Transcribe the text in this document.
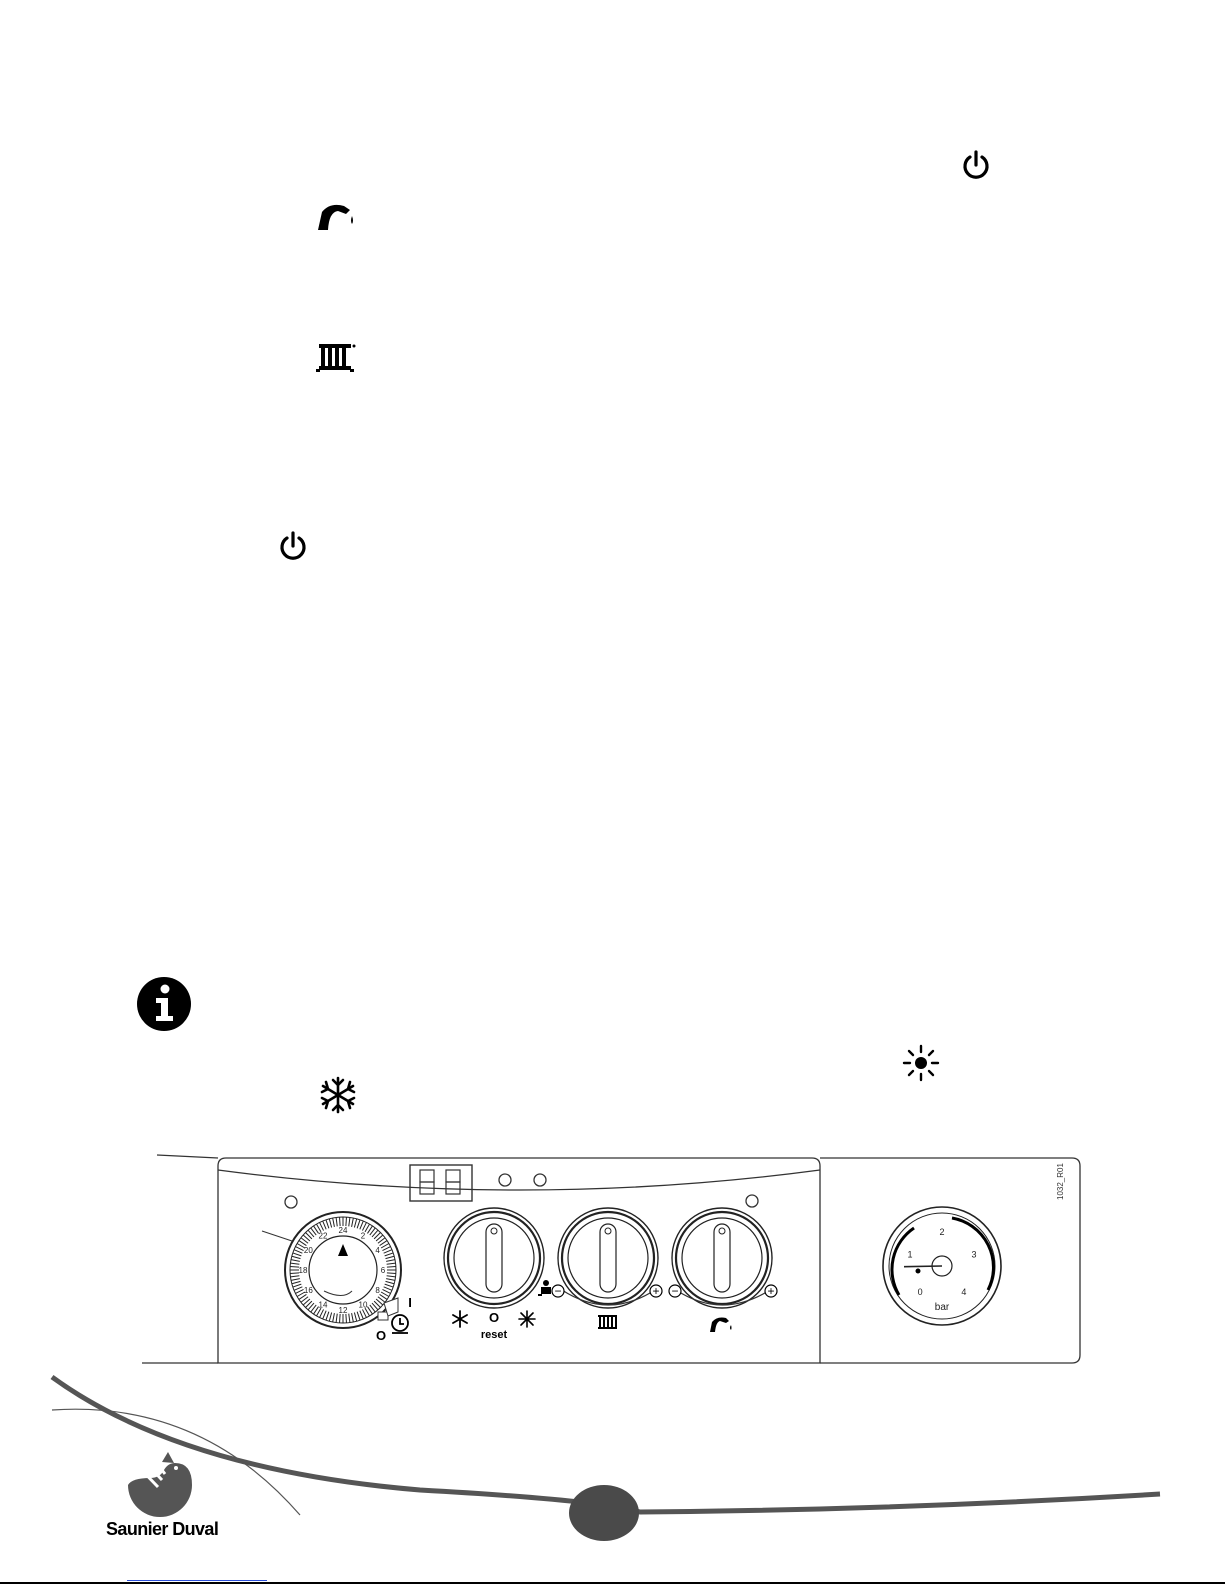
24
2
4
6
8
10
12
14
16
18
20
22
O
I
−	+ −	+
O
reset
0
1
2
3
4
bar
1032_R01
Saunier Duval
